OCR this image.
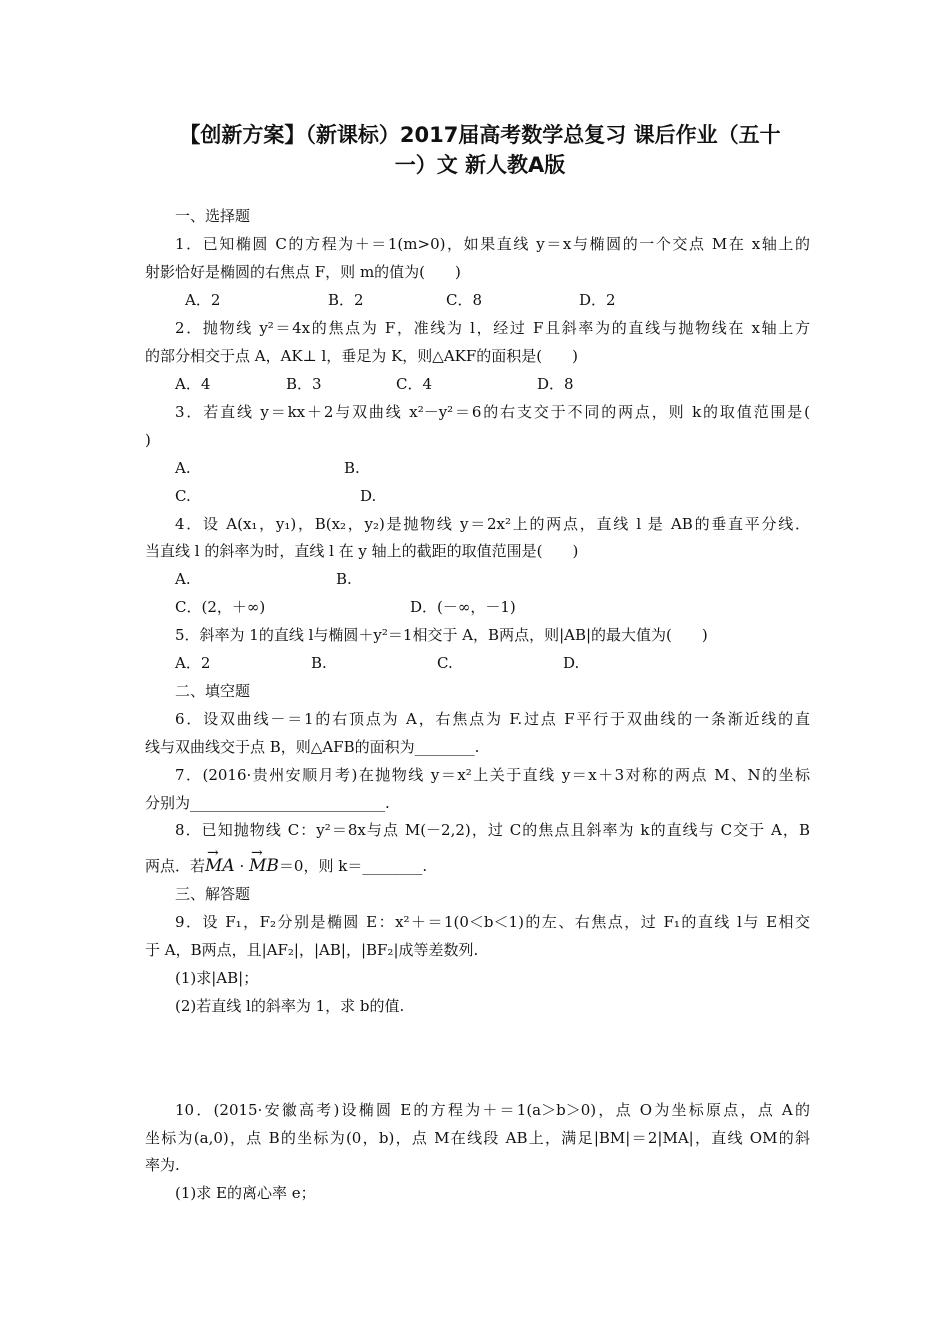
【创新方案】（新课标）2017届高考数学总复习 课后作业（五十
一）文 新人教A版
一、选择题
1．已知椭圆 C的方程为＋＝1(m>0)，如果直线 y＝x与椭圆的一个交点 M在 x轴上的
射影恰好是椭圆的右焦点 F，则 m的值为(　　)
A．2	B．2	C．8	D．2
2．抛物线 y²＝4x的焦点为 F，准线为 l，经过 F且斜率为的直线与抛物线在 x轴上方
的部分相交于点 A，AK⊥ l，垂足为 K，则△AKF的面积是(　　)
A．4	B．3	C．4	D．8
3．若直线 y＝kx＋2与双曲线 x²－y²＝6的右支交于不同的两点，则 k的取值范围是(
)
A.	B.
C.	D.
4．设 A(x₁，y₁)，B(x₂，y₂)是抛物线 y＝2x²上的两点，直线 l 是 AB的垂直平分线．
当直线 l 的斜率为时，直线 l 在 y 轴上的截距的取值范围是(　　)
A.	B.
C．(2，＋∞)	D．(－∞，－1)
5．斜率为 1的直线 l与椭圆＋y²＝1相交于 A，B两点，则|AB|的最大值为(　　)
A．2	B.	C.	D.
二、填空题
6．设双曲线－＝1的右顶点为 A，右焦点为 F.过点 F平行于双曲线的一条渐近线的直
线与双曲线交于点 B，则△AFB的面积为________.
7．(2016·贵州安顺月考)在抛物线 y＝x²上关于直线 y＝x＋3对称的两点 M、N的坐标
分别为__________________________.
8．已知抛物线 C：y²＝8x与点 M(－2,2)，过 C的焦点且斜率为 k的直线与 C交于 A，B
两点．若→ MA · → MB＝0，则 k＝________.
三、解答题
9．设 F₁，F₂分别是椭圆 E：x²＋＝1(0＜b＜1)的左、右焦点，过 F₁的直线 l与 E相交
于 A，B两点，且|AF₂|，|AB|，|BF₂|成等差数列.
(1)求|AB|；
(2)若直线 l的斜率为 1，求 b的值.
10．(2015·安徽高考)设椭圆 E的方程为＋＝1(a＞b＞0)，点 O为坐标原点，点 A的
坐标为(a,0)，点 B的坐标为(0，b)，点 M在线段 AB上，满足|BM|＝2|MA|，直线 OM的斜
率为.
(1)求 E的离心率 e；
